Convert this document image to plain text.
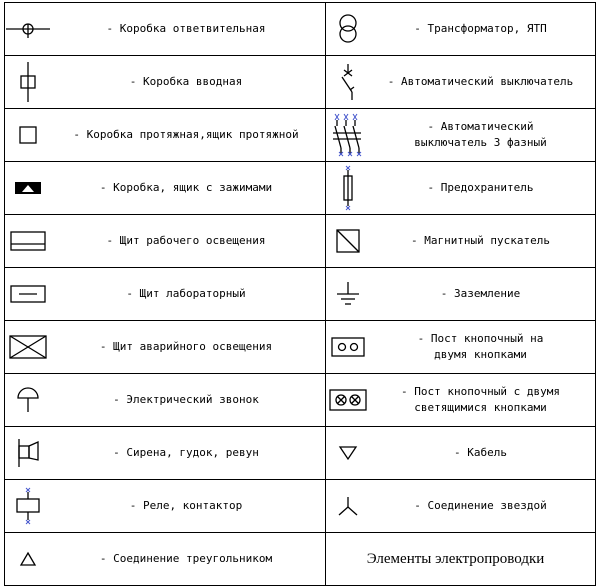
- Коробка ответвительная	- Трансформатор, ЯТП

- Коробка вводная	- Автоматический выключатель

- Коробка протяжная,ящик протяжной	- Автоматический
выключатель 3 фазный

- Коробка, ящик с зажимами	- Предохранитель

- Щит рабочего освещения	- Магнитный пускатель

- Щит лабораторный	- Заземление

- Щит аварийного освещения	- Пост кнопочный на
двумя кнопками

- Электрический звонок	- Пост кнопочный с двумя
светящимися кнопками

- Сирена, гудок, ревун	- Кабель

- Реле, контактор	- Соединение звездой

- Соединение треугольником	Элементы электропроводки
